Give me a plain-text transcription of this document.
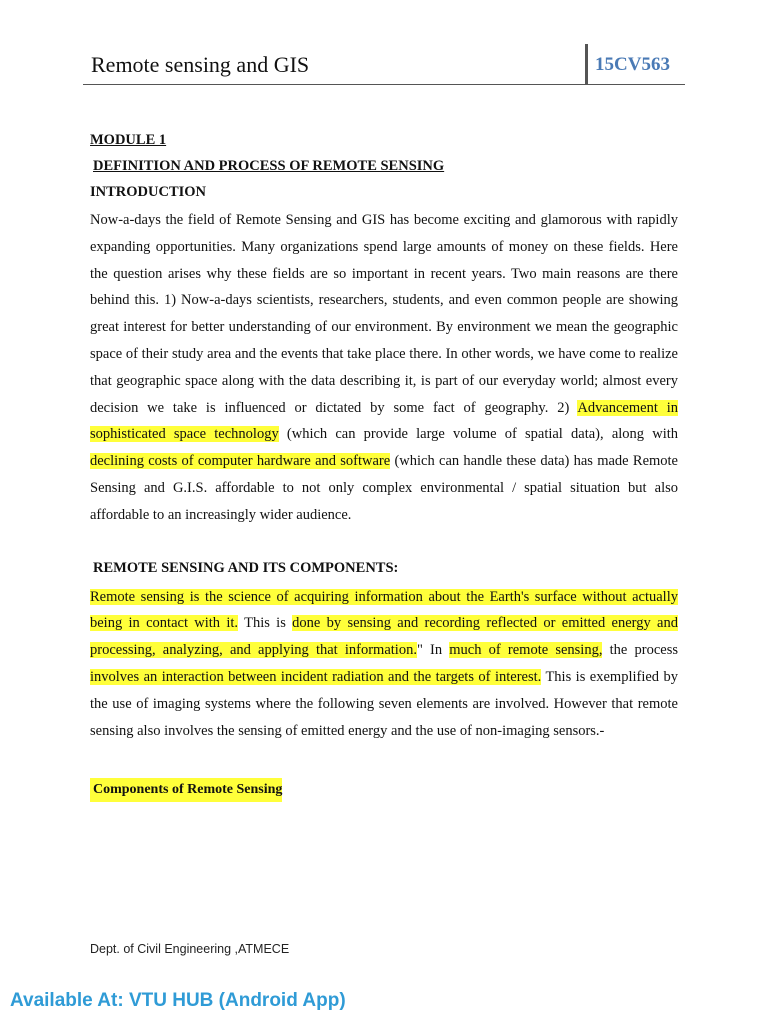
Remote sensing and GIS	15CV563
MODULE 1
DEFINITION AND PROCESS OF REMOTE SENSING
INTRODUCTION

Now-a-days the field of Remote Sensing and GIS has become exciting and glamorous with rapidly expanding opportunities. Many organizations spend large amounts of money on these fields. Here the question arises why these fields are so important in recent years. Two main reasons are there behind this. 1) Now-a-days scientists, researchers, students, and even common people are showing great interest for better understanding of our environment. By environment we mean the geographic space of their study area and the events that take place there. In other words, we have come to realize that geographic space along with the data describing it, is part of our everyday world; almost every decision we take is influenced or dictated by some fact of geography. 2) Advancement in sophisticated space technology (which can provide large volume of spatial data), along with declining costs of computer hardware and software (which can handle these data) has made Remote Sensing and G.I.S. affordable to not only complex environmental / spatial situation but also affordable to an increasingly wider audience.

REMOTE SENSING AND ITS COMPONENTS:

Remote sensing is the science of acquiring information about the Earth's surface without actually being in contact with it. This is done by sensing and recording reflected or emitted energy and processing, analyzing, and applying that information." In much of remote sensing, the process involves an interaction between incident radiation and the targets of interest. This is exemplified by the use of imaging systems where the following seven elements are involved. However that remote sensing also involves the sensing of emitted energy and the use of non-imaging sensors.-

Components of Remote Sensing
Dept. of Civil Engineering ,ATMECE
Available At: VTU HUB (Android App)
